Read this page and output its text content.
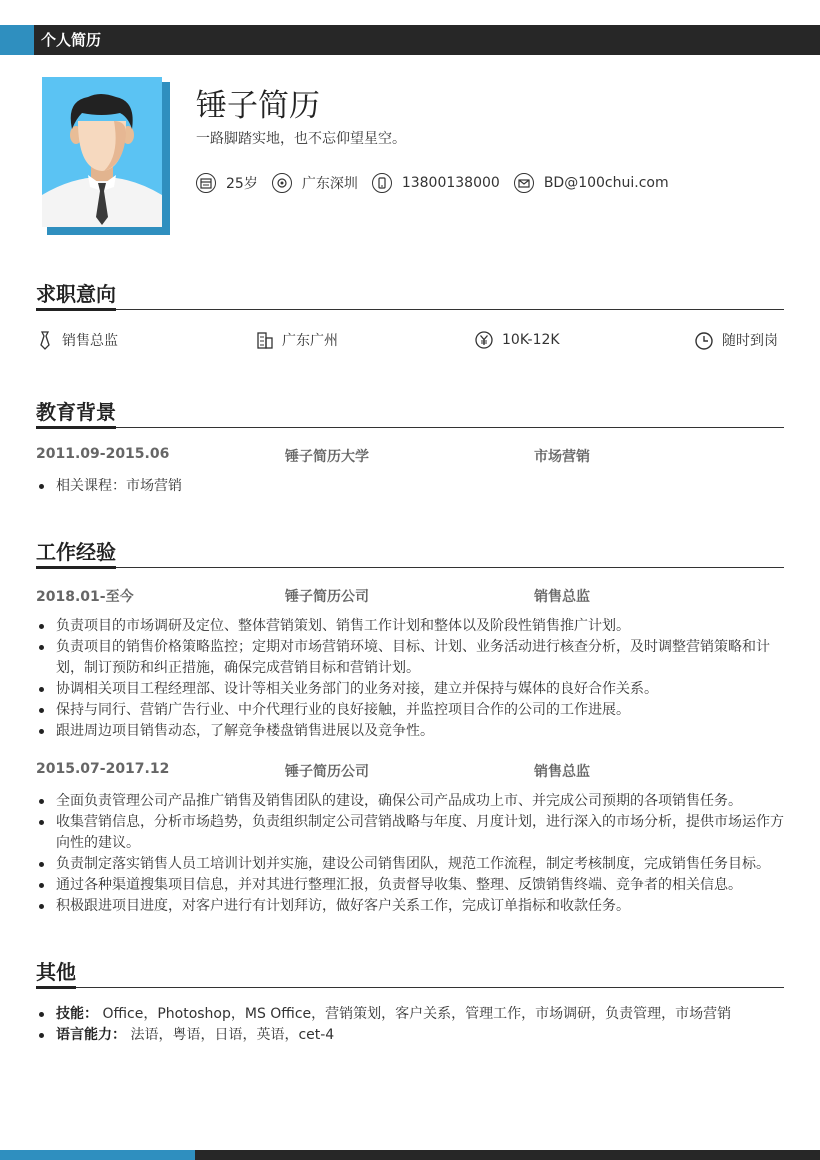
个人简历
锤子简历
一路脚踏实地，也不忘仰望星空。
25岁	广东深圳	13800138000	BD@100chui.com
求职意向
销售总监	广东广州	10K-12K	随时到岗
教育背景
2011.09-2015.06	锤子简历大学	市场营销
相关课程：市场营销
工作经验
2018.01-至今	锤子简历公司	销售总监
负责项目的市场调研及定位、整体营销策划、销售工作计划和整体以及阶段性销售推广计划。
负责项目的销售价格策略监控；定期对市场营销环境、目标、计划、业务活动进行核查分析，及时调整营销策略和计划，制订预防和纠正措施，确保完成营销目标和营销计划。
协调相关项目工程经理部、设计等相关业务部门的业务对接，建立并保持与媒体的良好合作关系。
保持与同行、营销广告行业、中介代理行业的良好接触，并监控项目合作的公司的工作进展。
跟进周边项目销售动态，了解竞争楼盘销售进展以及竞争性。
2015.07-2017.12	锤子简历公司	销售总监
全面负责管理公司产品推广销售及销售团队的建设，确保公司产品成功上市、并完成公司预期的各项销售任务。
收集营销信息，分析市场趋势，负责组织制定公司营销战略与年度、月度计划，进行深入的市场分析，提供市场运作方向性的建议。
负责制定落实销售人员工培训计划并实施，建设公司销售团队，规范工作流程，制定考核制度，完成销售任务目标。
通过各种渠道搜集项目信息，并对其进行整理汇报，负责督导收集、整理、反馈销售终端、竞争者的相关信息。
积极跟进项目进度，对客户进行有计划拜访，做好客户关系工作，完成订单指标和收款任务。
其他
技能： Office，Photoshop，MS Office，营销策划，客户关系，管理工作，市场调研，负责管理，市场营销
语言能力： 法语，粤语，日语，英语，cet-4
